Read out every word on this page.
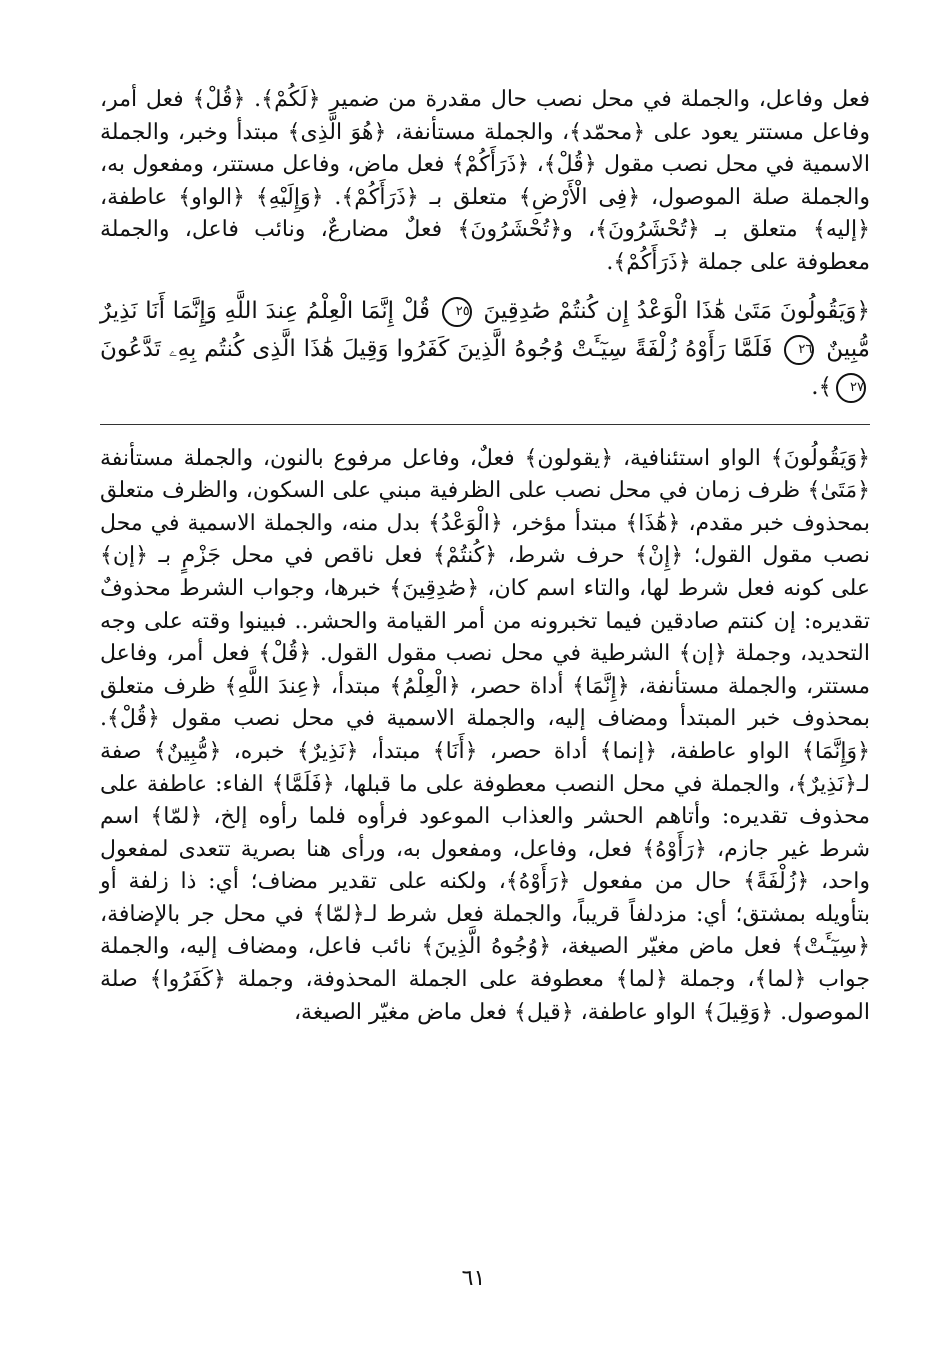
فعل وفاعل، والجملة في محل نصب حال مقدرة من ضمير ﴿لَكُمْ﴾. ﴿قُلْ﴾ فعل أمر، وفاعل مستتر يعود على ﴿محمّد﴾، والجملة مستأنفة، ﴿هُوَ الَّذِى﴾ مبتدأ وخبر، والجملة الاسمية في محل نصب مقول ﴿قُلْ﴾، ﴿ذَرَأَكُمْ﴾ فعل ماض، وفاعل مستتر، ومفعول به، والجملة صلة الموصول، ﴿فِى الْأَرْضِ﴾ متعلق بـ ﴿ذَرَأَكُمْ﴾. ﴿وَإِلَيْهِ﴾ ﴿الواو﴾ عاطفة، ﴿إليه﴾ متعلق بـ ﴿تُحْشَرُونَ﴾، و﴿تُحْشَرُونَ﴾ فعلٌ مضارعٌ، ونائب فاعل، والجملة معطوفة على جملة ﴿ذَرَأَكُمْ﴾.

﴿وَيَقُولُونَ مَتَىٰ هَٰذَا الْوَعْدُ إِن كُنتُمْ صَٰدِقِينَ ٢٥ قُلْ إِنَّمَا الْعِلْمُ عِندَ اللَّهِ وَإِنَّمَا أَنَا نَذِيرٌ

مُّبِينٌ ٢٦ فَلَمَّا رَأَوْهُ زُلْفَةً سِيٓـَٔتْ وُجُوهُ الَّذِينَ كَفَرُوا وَقِيلَ هَٰذَا الَّذِى كُنتُم بِهِۦ تَدَّعُونَ ٢٧﴾.

﴿وَيَقُولُونَ﴾ الواو استئنافية، ﴿يقولون﴾ فعلٌ، وفاعل مرفوع بالنون، والجملة مستأنفة ﴿مَتَىٰ﴾ ظرف زمان في محل نصب على الظرفية مبني على السكون، والظرف متعلق بمحذوف خبر مقدم، ﴿هَٰذَا﴾ مبتدأ مؤخر، ﴿الْوَعْدُ﴾ بدل منه، والجملة الاسمية في محل نصب مقول القول؛ ﴿إِنْ﴾ حرف شرط، ﴿كُنتُمْ﴾ فعل ناقص في محل جَزْمٍ بـ ﴿إن﴾ على كونه فعل شرط لها، والتاء اسم كان، ﴿صَٰدِقِينَ﴾ خبرها، وجواب الشرط محذوفٌ تقديره: إن كنتم صادقين فيما تخبرونه من أمر القيامة والحشر.. فبينوا وقته على وجه التحديد، وجملة ﴿إن﴾ الشرطية في محل نصب مقول القول. ﴿قُلْ﴾ فعل أمر، وفاعل مستتر، والجملة مستأنفة، ﴿إِنَّمَا﴾ أداة حصر، ﴿الْعِلْمُ﴾ مبتدأ، ﴿عِندَ اللَّهِ﴾ ظرف متعلق بمحذوف خبر المبتدأ ومضاف إليه، والجملة الاسمية في محل نصب مقول ﴿قُلْ﴾. ﴿وَإِنَّمَا﴾ الواو عاطفة، ﴿إنما﴾ أداة حصر، ﴿أَنَا﴾ مبتدأ، ﴿نَذِيرٌ﴾ خبره، ﴿مُّبِينٌ﴾ صفة لـ﴿نَذِيرٌ﴾، والجملة في محل النصب معطوفة على ما قبلها، ﴿فَلَمَّا﴾ الفاء: عاطفة على محذوف تقديره: وأتاهم الحشر والعذاب الموعود فرأوه فلما رأوه إلخ، ﴿لمّا﴾ اسم شرط غير جازم، ﴿رَأَوْهُ﴾ فعل، وفاعل، ومفعول به، ورأى هنا بصرية تتعدى لمفعول واحد، ﴿زُلْفَةً﴾ حال من مفعول ﴿رَأَوْهُ﴾، ولكنه على تقدير مضاف؛ أي: ذا زلفة أو بتأويله بمشتق؛ أي: مزدلفاً قريباً، والجملة فعل شرط لـ﴿لمّا﴾ في محل جر بالإضافة، ﴿سِيٓـَٔتْ﴾ فعل ماض مغيّر الصيغة، ﴿وُجُوهُ الَّذِينَ﴾ نائب فاعل، ومضاف إليه، والجملة جواب ﴿لما﴾، وجملة ﴿لما﴾ معطوفة على الجملة المحذوفة، وجملة ﴿كَفَرُوا﴾ صلة الموصول. ﴿وَقِيلَ﴾ الواو عاطفة، ﴿قيل﴾ فعل ماض مغيّر الصيغة،

٦١
